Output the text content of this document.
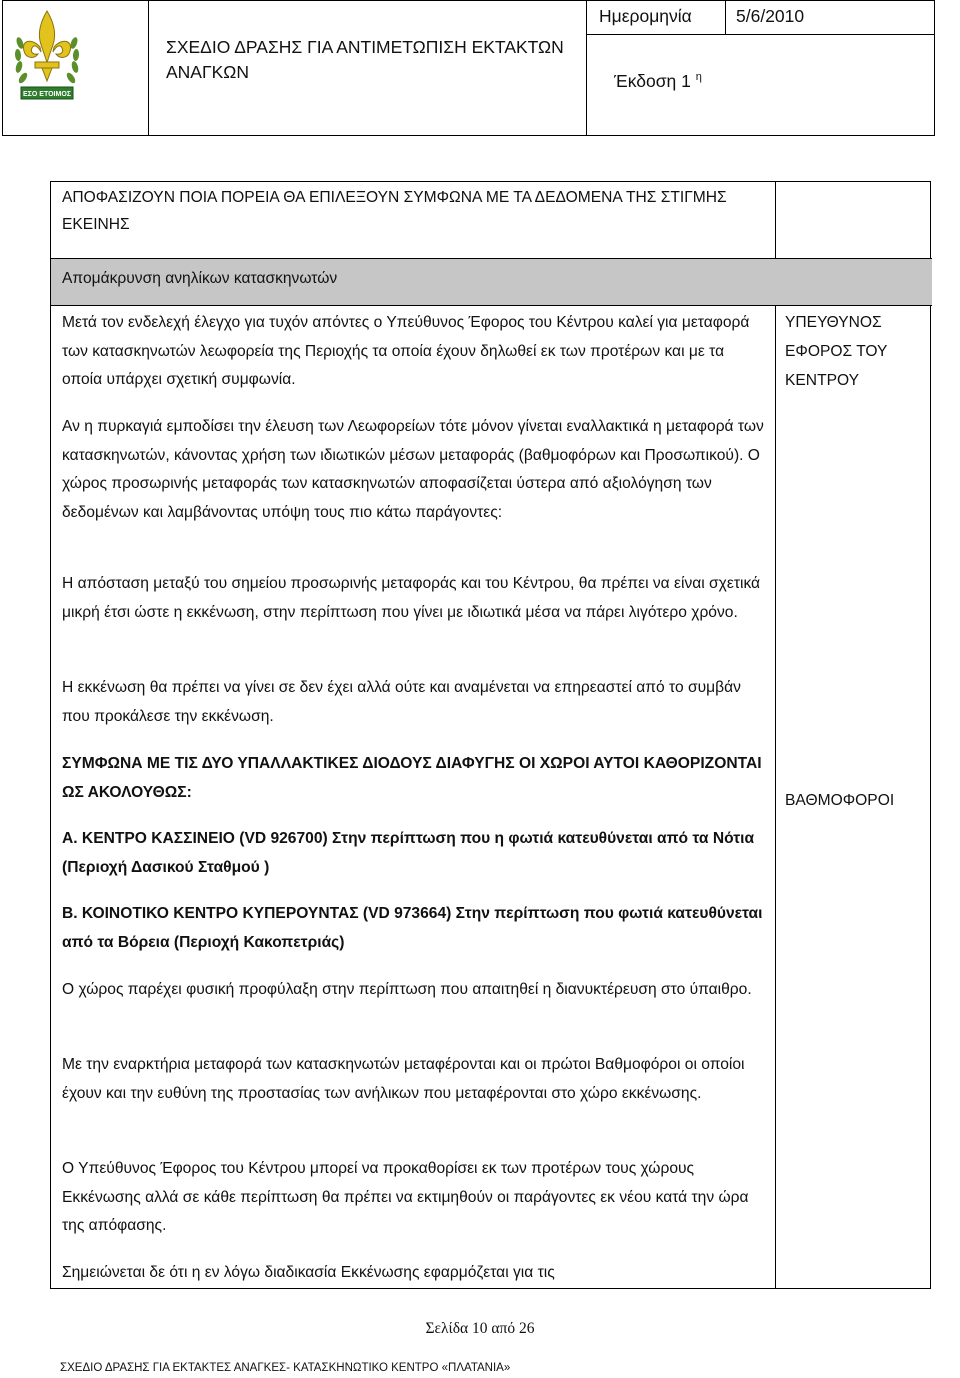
ΕΣΟ ΕΤΟΙΜΟΣ
ΣΧΕΔΙΟ ΔΡΑΣΗΣ ΓΙΑ ΑΝΤΙΜΕΤΩΠΙΣΗ ΕΚΤΑΚΤΩΝ ΑΝΑΓΚΩΝ
Ημερομηνία	5/6/2010
Έκδοση 1 $^\eta$
ΑΠΟΦΑΣΙΖΟΥΝ ΠΟΙΑ ΠΟΡΕΙΑ ΘΑ ΕΠΙΛΕΞΟΥΝ ΣΥΜΦΩΝΑ ΜΕ ΤΑ ΔΕΔΟΜΕΝΑ ΤΗΣ ΣΤΙΓΜΗΣ ΕΚΕΙΝΗΣ
Απομάκρυνση ανηλίκων κατασκηνωτών
Μετά τον ενδελεχή έλεγχο για τυχόν απόντες ο Υπεύθυνος Έφορος του Κέντρου καλεί για μεταφορά των κατασκηνωτών λεωφορεία της Περιοχής τα οποία έχουν δηλωθεί εκ των προτέρων και με τα οποία υπάρχει σχετική συμφωνία.
ΥΠΕΥΘΥΝΟΣ ΕΦΟΡΟΣ ΤΟΥ ΚΕΝΤΡΟΥ
Αν η πυρκαγιά εμποδίσει την έλευση των Λεωφορείων τότε μόνον γίνεται εναλλακτικά η μεταφορά των κατασκηνωτών, κάνοντας χρήση των ιδιωτικών μέσων μεταφοράς (βαθμοφόρων και Προσωπικού). Ο χώρος προσωρινής μεταφοράς των κατασκηνωτών αποφασίζεται ύστερα από αξιολόγηση των δεδομένων και λαμβάνοντας υπόψη τους πιο κάτω παράγοντες:
Η απόσταση μεταξύ του σημείου προσωρινής μεταφοράς και του Κέντρου, θα πρέπει να είναι σχετικά μικρή έτσι ώστε η εκκένωση, στην περίπτωση που γίνει με ιδιωτικά μέσα να πάρει λιγότερο χρόνο.
Η εκκένωση θα πρέπει να γίνει σε δεν έχει αλλά ούτε και αναμένεται να επηρεαστεί από το συμβάν που προκάλεσε την εκκένωση.
ΣΥΜΦΩΝΑ ΜΕ ΤΙΣ ΔΥΟ ΥΠΑΛΛΑΚΤΙΚΕΣ ΔΙΟΔΟΥΣ ΔΙΑΦΥΓΗΣ ΟΙ ΧΩΡΟΙ ΑΥΤΟΙ ΚΑΘΟΡΙΖΟΝΤΑΙ ΩΣ ΑΚΟΛΟΥΘΩΣ:	ΒΑΘΜΟΦΟΡΟΙ
Α. ΚΕΝΤΡΟ ΚΑΣΣΙΝΕΙΟ (VD 926700) Στην περίπτωση που η φωτιά κατευθύνεται από τα Νότια (Περιοχή Δασικού Σταθμού )
Β. ΚΟΙΝΟΤΙΚΟ ΚΕΝΤΡΟ ΚΥΠΕΡΟΥΝΤΑΣ (VD 973664) Στην περίπτωση που φωτιά κατευθύνεται από τα Βόρεια (Περιοχή Κακοπετριάς)
Ο χώρος παρέχει φυσική προφύλαξη στην περίπτωση που απαιτηθεί η διανυκτέρευση στο ύπαιθρο.
Με την εναρκτήρια μεταφορά των κατασκηνωτών μεταφέρονται και οι πρώτοι Βαθμοφόροι οι οποίοι έχουν και την ευθύνη της προστασίας των ανήλικων που μεταφέρονται στο χώρο εκκένωσης.
Ο Υπεύθυνος Έφορος του Κέντρου μπορεί να προκαθορίσει εκ των προτέρων τους χώρους Εκκένωσης αλλά σε κάθε περίπτωση θα πρέπει να εκτιμηθούν οι παράγοντες εκ νέου κατά την ώρα της απόφασης.
Σημειώνεται δε ότι η εν λόγω διαδικασία Εκκένωσης εφαρμόζεται για τις
Σελίδα 10 από 26
ΣΧΕΔΙΟ ΔΡΑΣΗΣ ΓΙΑ ΕΚΤΑΚΤΕΣ ΑΝΑΓΚΕΣ- ΚΑΤΑΣΚΗΝΩΤΙΚΟ ΚΕΝΤΡΟ «ΠΛΑΤΑΝΙΑ»
